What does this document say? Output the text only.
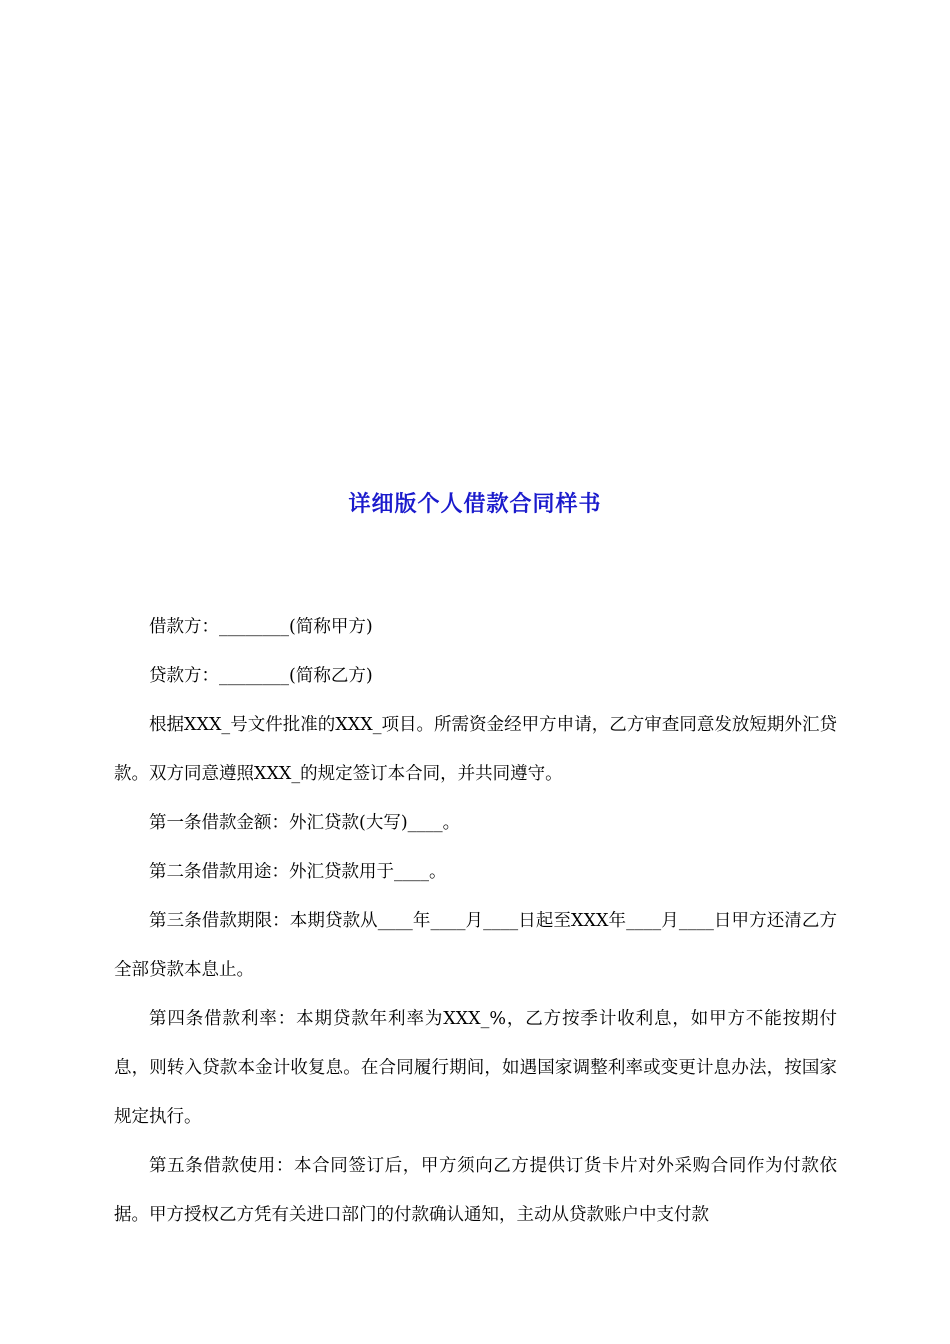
详细版个人借款合同样书

借款方：________(简称甲方)

贷款方：________(简称乙方)

根据XXX_号文件批准的XXX_项目。所需资金经甲方申请，乙方审查同意发放短期外汇贷款。双方同意遵照XXX_的规定签订本合同，并共同遵守。

第一条借款金额：外汇贷款(大写)____。

第二条借款用途：外汇贷款用于____。

第三条借款期限：本期贷款从____年____月____日起至XXX年____月____日甲方还清乙方全部贷款本息止。

第四条借款利率：本期贷款年利率为XXX_%，乙方按季计收利息，如甲方不能按期付息，则转入贷款本金计收复息。在合同履行期间，如遇国家调整利率或变更计息办法，按国家规定执行。

第五条借款使用：本合同签订后，甲方须向乙方提供订货卡片对外采购合同作为付款依据。甲方授权乙方凭有关进口部门的付款确认通知，主动从贷款账户中支付款
